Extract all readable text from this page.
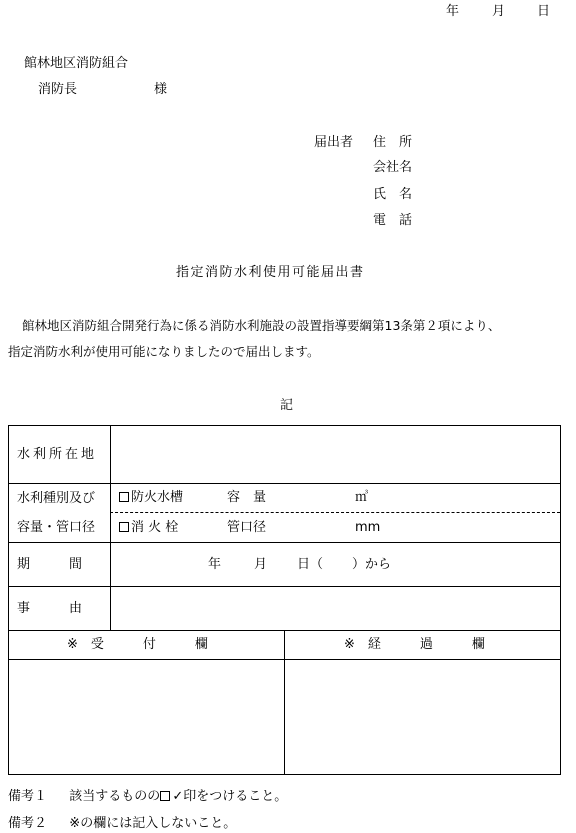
年	月 日
館林地区消防組合
消防長	様
届出者 住　所
会社名
氏　名
電　話
指定消防水利使用可能届出書
館林地区消防組合開発行為に係る消防水利施設の設置指導要綱第13条第２項により、
指定消防水利が使用可能になりましたので届出します。
記
水利所在地
水利種別及び
容量・管口径
防火水槽	容　量	㎥
消 火 栓	管口径	mm
期　　　間	年	月 日（ ）から
事　　　由
※　受　　　付　　　欄	※　経　　　過　　　欄
備考１ 該当するものの ✓印をつけること。
備考２ ※の欄には記入しないこと。
